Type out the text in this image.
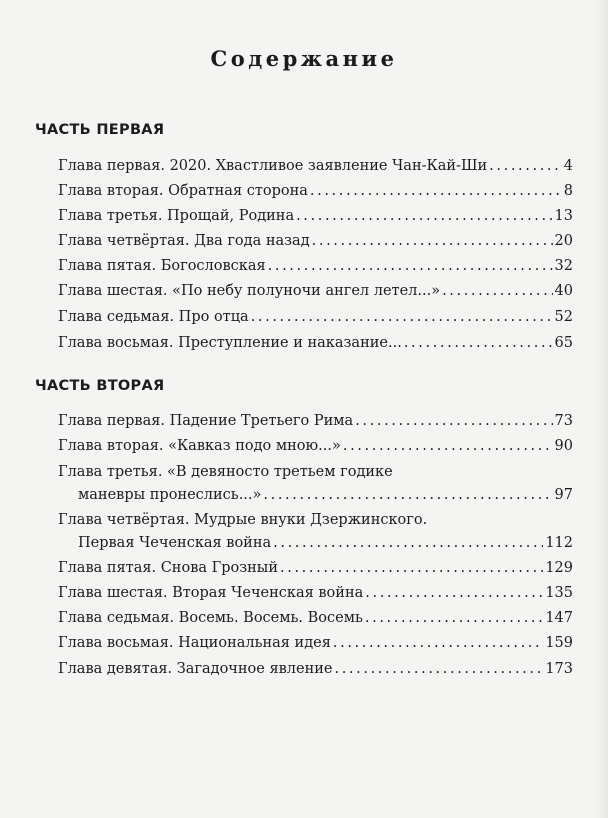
Содержание
ЧАСТЬ ПЕРВАЯ
Глава первая. 2020. Хвастливое заявление Чан-Кай-Ши . . .	4
Глава вторая. Обратная сторона . . .	8
Глава третья. Прощай, Родина . . .	13
Глава четвёртая. Два года назад . . .	20
Глава пятая. Богословская . . .	32
Глава шестая. «По небу полуночи ангел летел...» . . .	40
Глава седьмая. Про отца . . .	52
Глава восьмая. Преступление и наказание... . . .	65
ЧАСТЬ ВТОРАЯ
Глава первая. Падение Третьего Рима . . .	73
Глава вторая. «Кавказ подо мною...» . . .	90
Глава третья. «В девяносто третьем годике
маневры пронеслись...» . . .	97
Глава четвёртая. Мудрые внуки Дзержинского.
Первая Чеченская война . . .	112
Глава пятая. Снова Грозный . . .	129
Глава шестая. Вторая Чеченская война . . .	135
Глава седьмая. Восемь. Восемь. Восемь . . .	147
Глава восьмая. Национальная идея . . .	159
Глава девятая. Загадочное явление . . .	173
